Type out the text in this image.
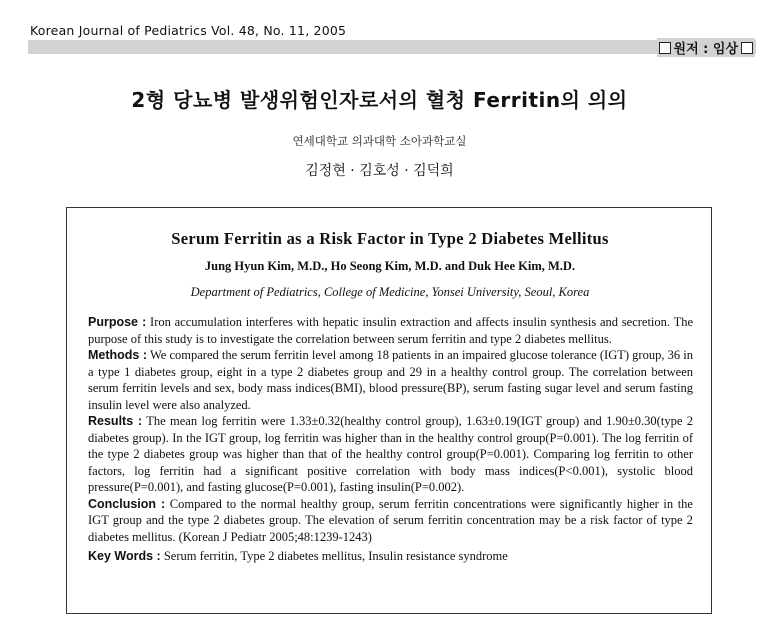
Korean Journal of Pediatrics Vol. 48, No. 11, 2005
원저 : 임상
2형 당뇨병 발생위험인자로서의 혈청 Ferritin의 의의
연세대학교 의과대학 소아과학교실
김정현 · 김호성 · 김덕희
Serum Ferritin as a Risk Factor in Type 2 Diabetes Mellitus
Jung Hyun Kim, M.D., Ho Seong Kim, M.D. and Duk Hee Kim, M.D.
Department of Pediatrics, College of Medicine, Yonsei University, Seoul, Korea

Purpose : Iron accumulation interferes with hepatic insulin extraction and affects insulin synthesis and secretion. The purpose of this study is to investigate the correlation between serum ferritin and type 2 diabetes mellitus.

Methods : We compared the serum ferritin level among 18 patients in an impaired glucose tolerance (IGT) group, 36 in a type 1 diabetes group, eight in a type 2 diabetes group and 29 in a healthy control group. The correlation between serum ferritin levels and sex, body mass indices(BMI), blood pressure(BP), serum fasting sugar level and serum fasting insulin level were also analyzed.

Results : The mean log ferritin were 1.33±0.32(healthy control group), 1.63±0.19(IGT group) and 1.90±0.30(type 2 diabetes group). In the IGT group, log ferritin was higher than in the healthy control group(P=0.001). The log ferritin of the type 2 diabetes group was higher than that of the healthy control group(P=0.001). Comparing log ferritin to other factors, log ferritin had a significant positive correlation with body mass indices(P<0.001), systolic blood pressure(P=0.001), and fasting glucose(P=0.001), fasting insulin(P=0.002).

Conclusion : Compared to the normal healthy group, serum ferritin concentrations were significantly higher in the IGT group and the type 2 diabetes group. The elevation of serum ferritin concentration may be a risk factor of type 2 diabetes mellitus. (Korean J Pediatr 2005;48:1239-1243)

Key Words : Serum ferritin, Type 2 diabetes mellitus, Insulin resistance syndrome
